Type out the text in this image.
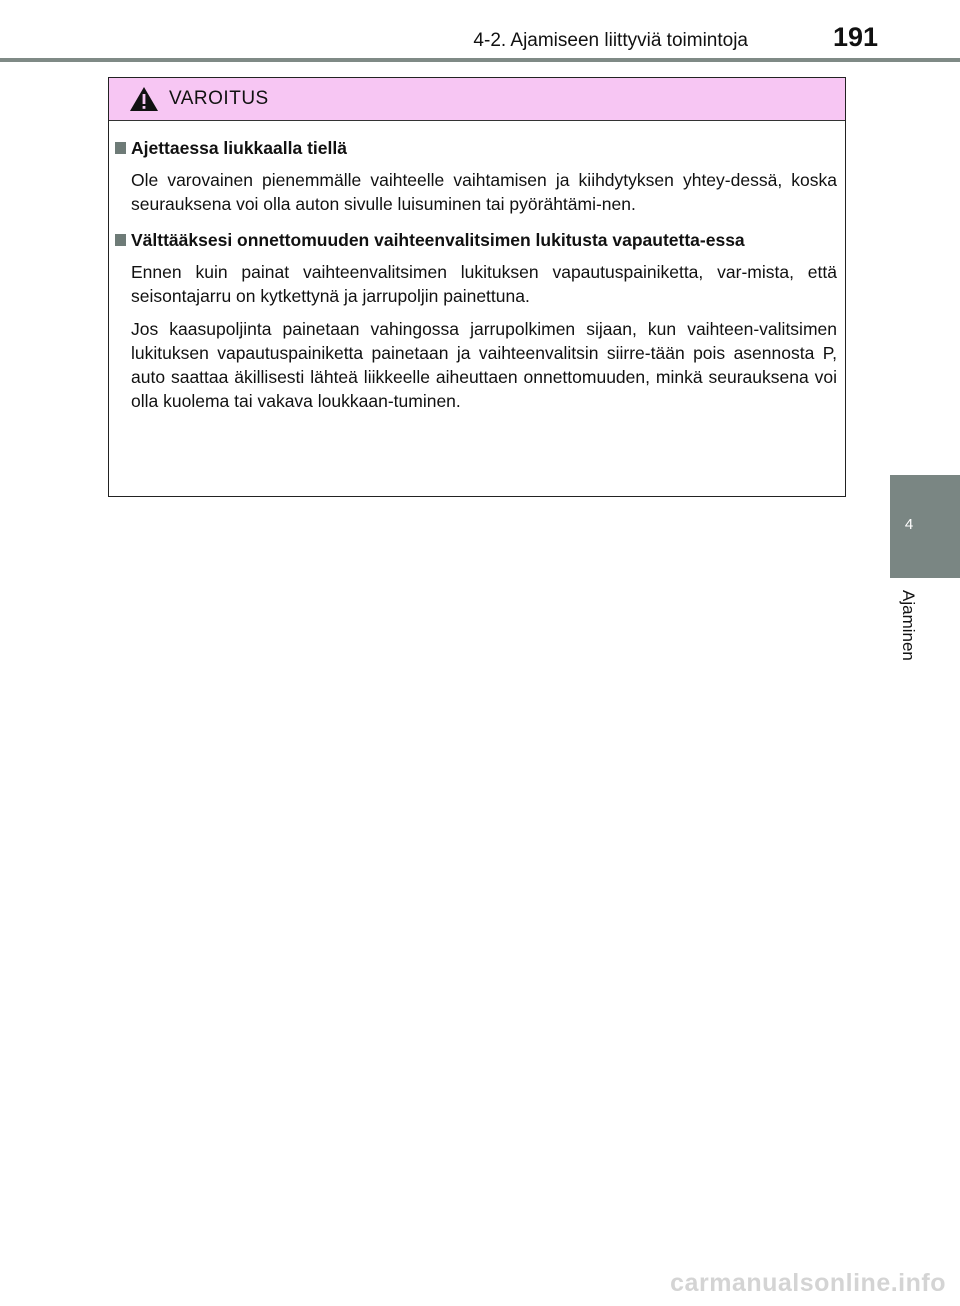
4-2. Ajamiseen liittyviä toimintoja	191
4
Ajaminen
VAROITUS
Ajettaessa liukkaalla tiellä
Ole varovainen pienemmälle vaihteelle vaihtamisen ja kiihdytyksen yhtey-dessä, koska seurauksena voi olla auton sivulle luisuminen tai pyörähtämi-nen.
Välttääksesi onnettomuuden vaihteenvalitsimen lukitusta vapautetta-essa
Ennen kuin painat vaihteenvalitsimen lukituksen vapautuspainiketta, var-mista, että seisontajarru on kytkettynä ja jarrupoljin painettuna.
Jos kaasupoljinta painetaan vahingossa jarrupolkimen sijaan, kun vaihteen-valitsimen lukituksen vapautuspainiketta painetaan ja vaihteenvalitsin siirre-tään pois asennosta P, auto saattaa äkillisesti lähteä liikkeelle aiheuttaen onnettomuuden, minkä seurauksena voi olla kuolema tai vakava loukkaan-tuminen.
carmanualsonline.info
